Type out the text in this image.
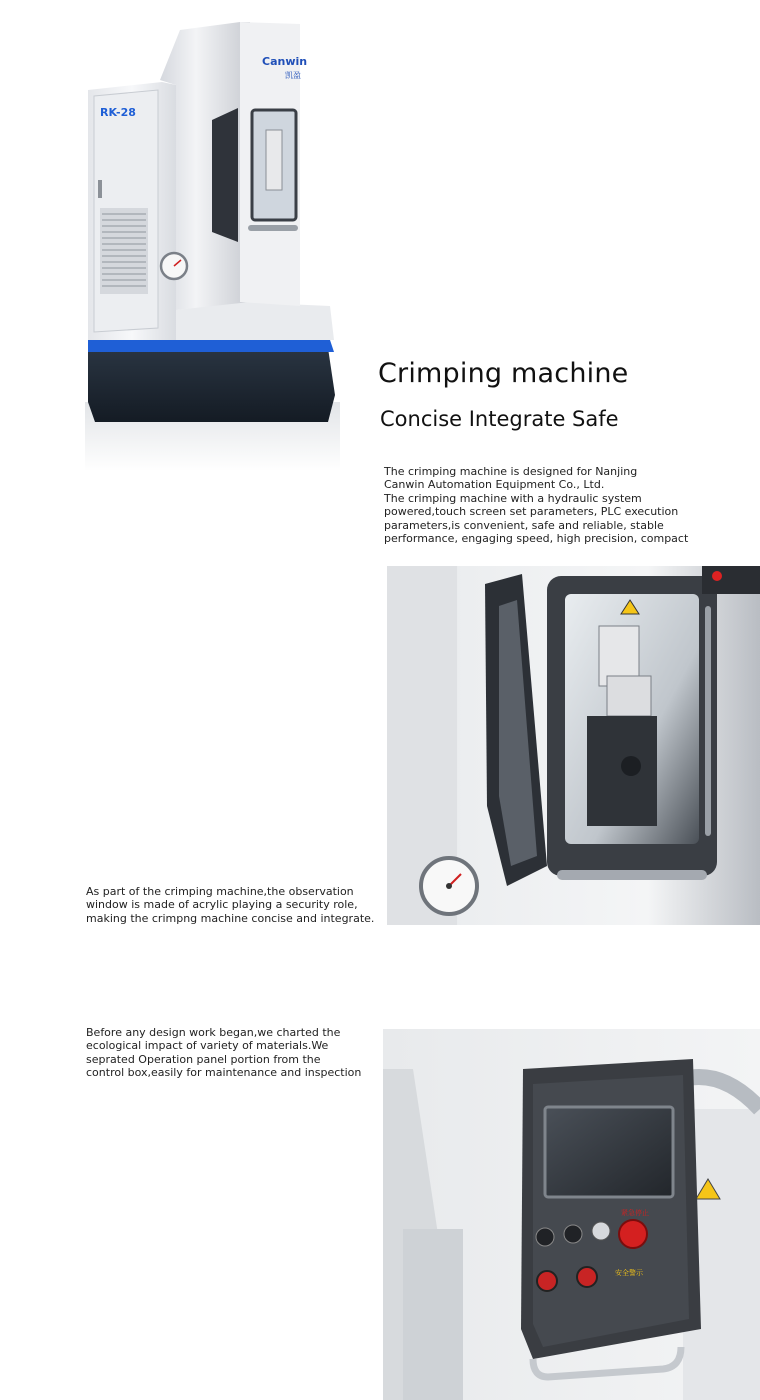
Canwin
凯盈
RK-28
Crimping machine
Concise Integrate Safe
The crimping machine is designed for Nanjing
Canwin Automation Equipment Co., Ltd.
The crimping machine with a hydraulic system
powered,touch screen set parameters, PLC execution
parameters,is convenient, safe and reliable, stable
performance, engaging speed, high precision, compact
As part of the crimping machine,the observation
window is made of acrylic playing a security role,
making the crimpng machine concise and integrate.
Before any design work began,we charted the
ecological impact of variety of materials.We
seprated Operation panel portion from the
control box,easily for maintenance and inspection
紧急停止
安全警示
